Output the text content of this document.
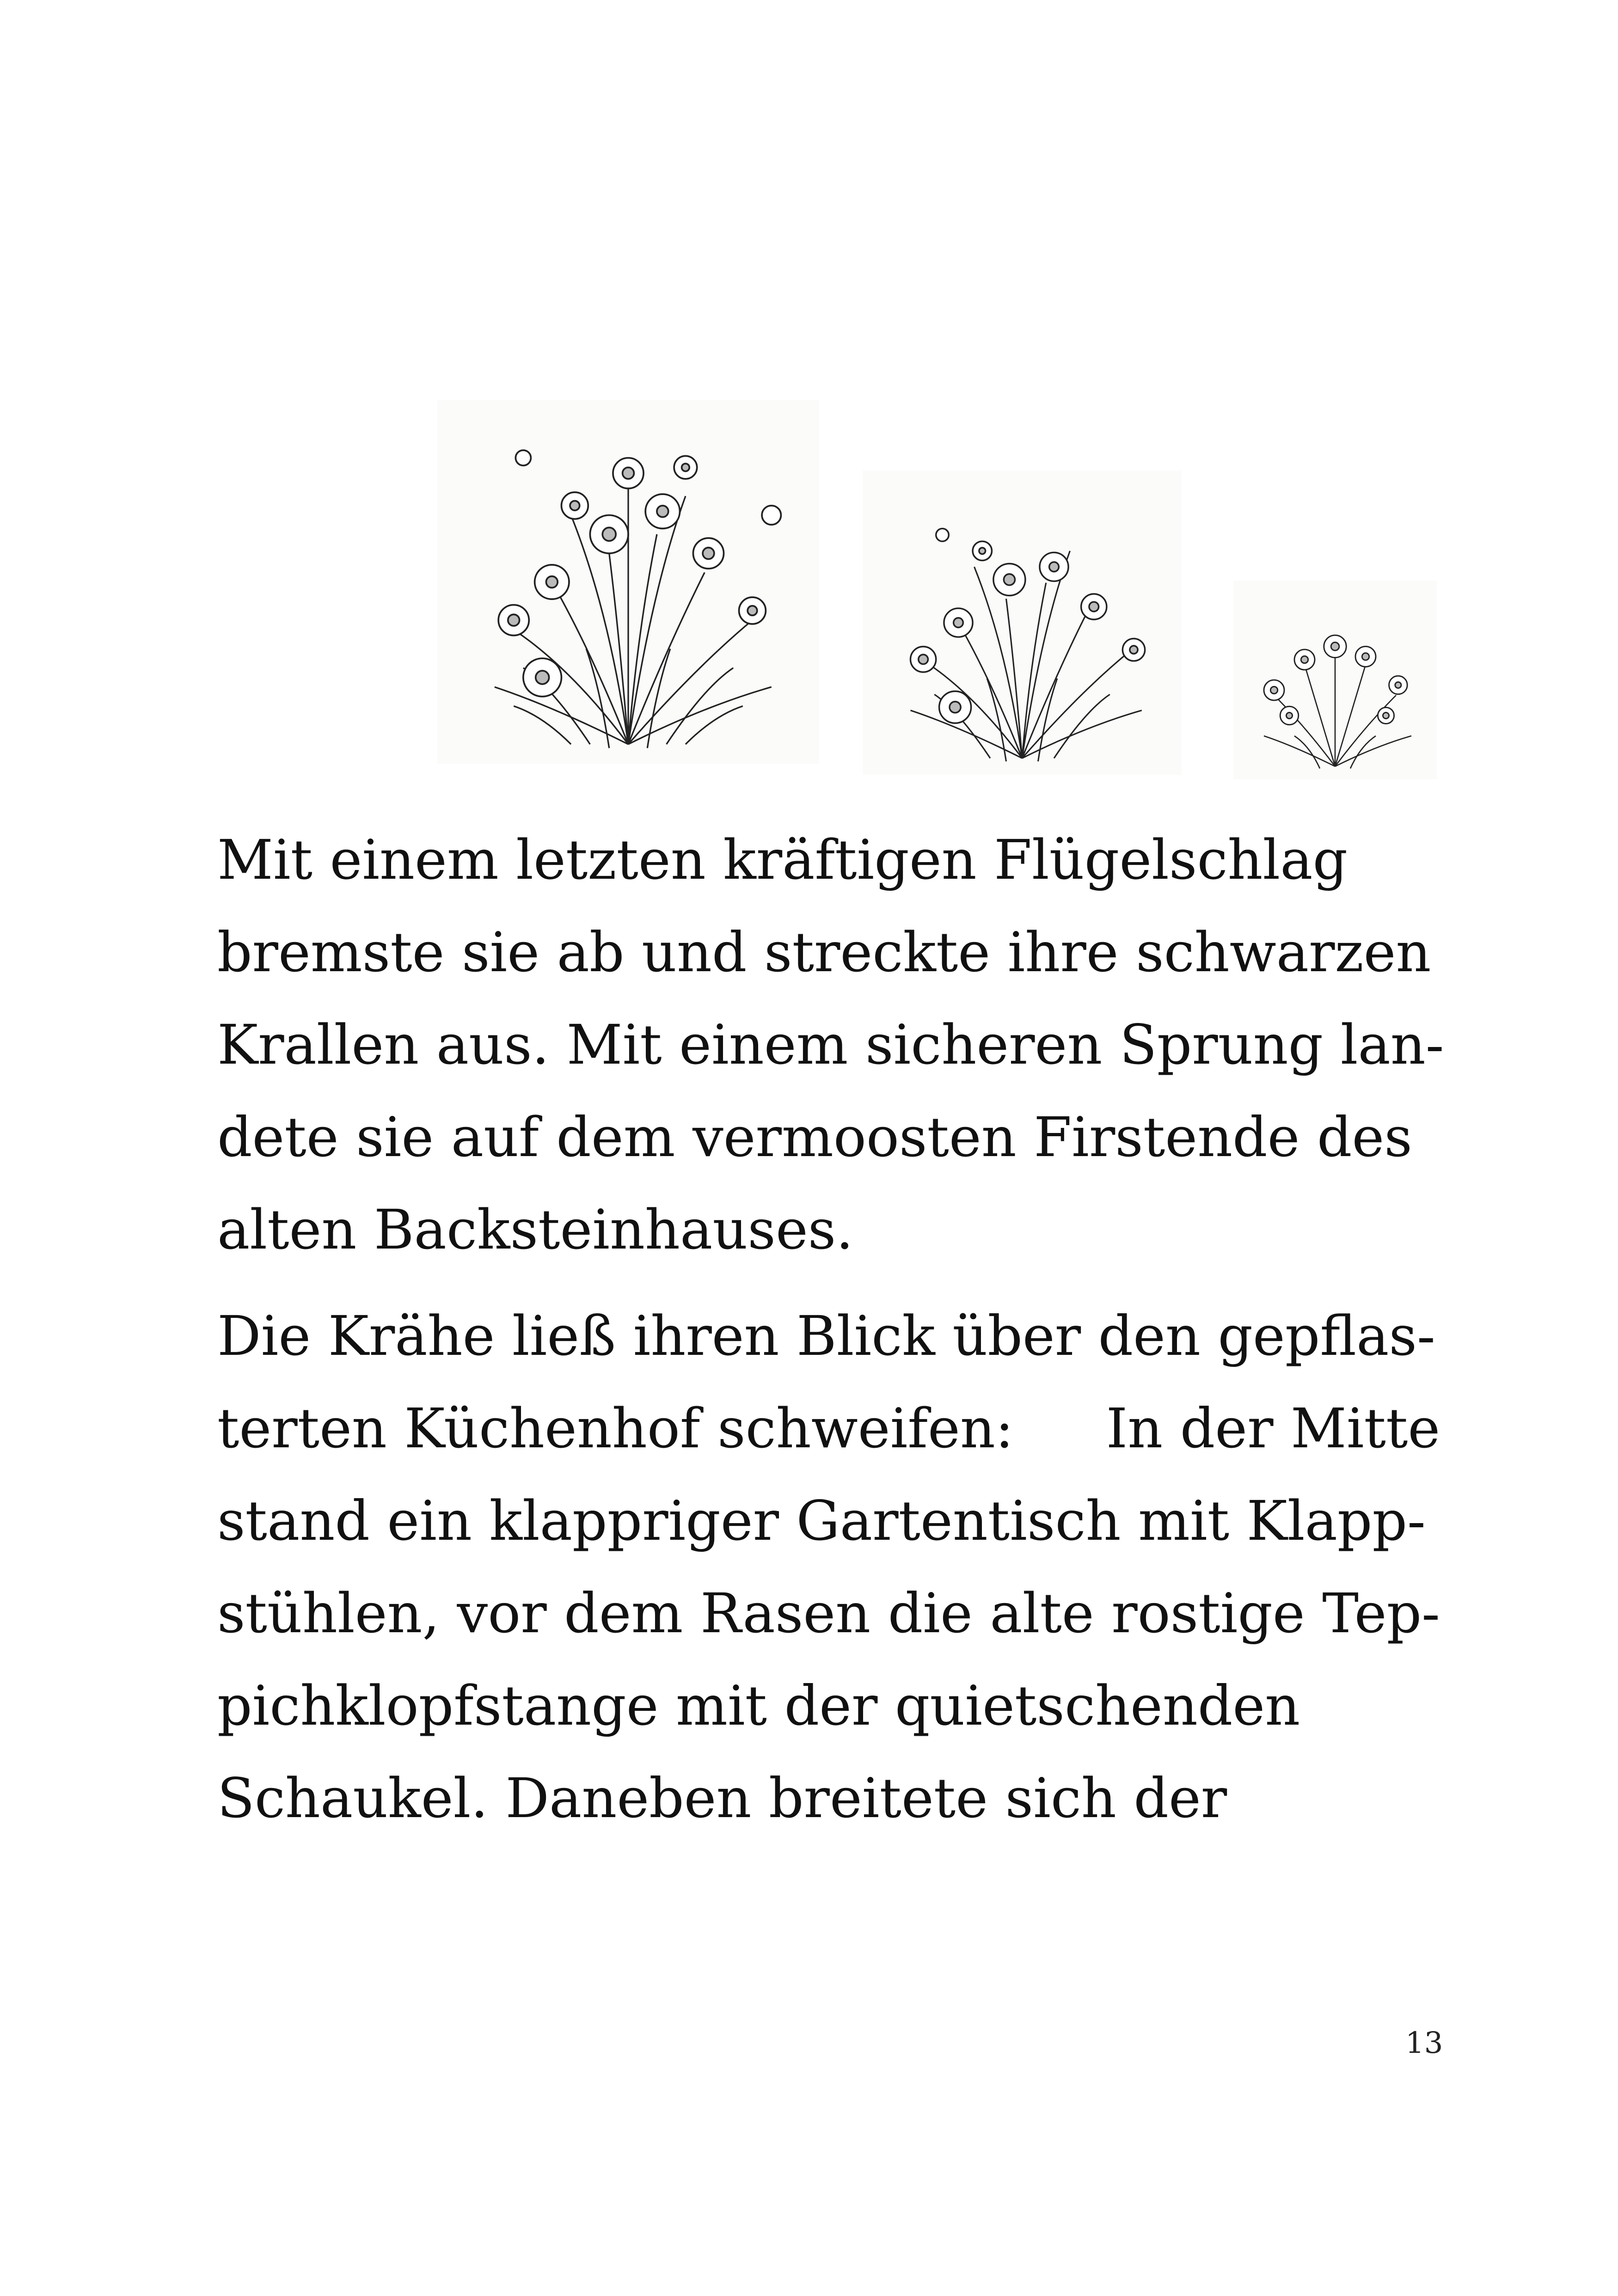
Mit einem letzten kräftigen Flügelschlag
bremste sie ab und streckte ihre schwarzen
Krallen aus. Mit einem sicheren Sprung lan-
dete sie auf dem vermoosten Firstende des
alten Backsteinhauses.
Die Krähe ließ ihren Blick über den gepflas-
terten Küchenhof schweifen: In der Mitte
stand ein klappriger Gartentisch mit Klapp-
stühlen, vor dem Rasen die alte rostige Tep-
pichklopfstange mit der quietschenden
Schaukel. Daneben breitete sich der
13
